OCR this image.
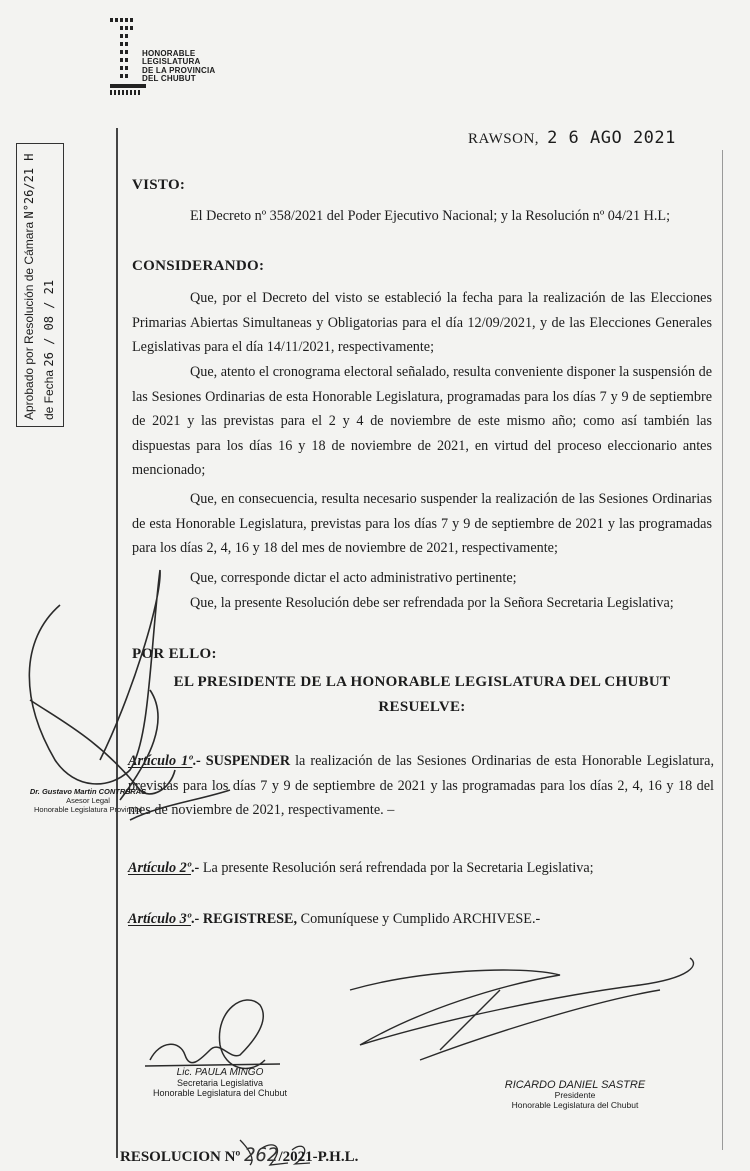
HONORABLE
LEGISLATURA
DE LA PROVINCIA
DEL CHUBUT
RAWSON, 2 6 AGO 2021
Aprobado por Resolución de Cámara N°26/21 H
de Fecha 26 / 08 / 21
VISTO:
El Decreto nº 358/2021 del Poder Ejecutivo Nacional; y la Resolución nº 04/21 H.L;
CONSIDERANDO:
Que, por el Decreto del visto se estableció la fecha para la realización de las Elecciones Primarias Abiertas Simultaneas y Obligatorias para el día 12/09/2021, y de las Elecciones Generales Legislativas para el día 14/11/2021, respectivamente;
Que, atento el cronograma electoral señalado, resulta conveniente disponer la suspensión de las Sesiones Ordinarias de esta Honorable Legislatura, programadas para los días 7 y 9 de septiembre de 2021 y las previstas para el 2 y 4 de noviembre de este mismo año; como así también las dispuestas para los días 16 y 18 de noviembre de 2021, en virtud del proceso eleccionario antes mencionado;
Que, en consecuencia, resulta necesario suspender la realización de las Sesiones Ordinarias de esta Honorable Legislatura, previstas para los días 7 y 9 de septiembre de 2021 y las programadas para los días 2, 4, 16 y 18 del mes de noviembre de 2021, respectivamente;
Que, corresponde dictar el acto administrativo pertinente;
Que, la presente Resolución debe ser refrendada por la Señora Secretaria Legislativa;
POR ELLO:
EL PRESIDENTE DE LA HONORABLE LEGISLATURA DEL CHUBUT
RESUELVE:
Artículo 1º.- SUSPENDER la realización de las Sesiones Ordinarias de esta Honorable Legislatura, previstas para los días 7 y 9 de septiembre de 2021 y las programadas para los días 2, 4, 16 y 18 del mes de noviembre de 2021, respectivamente. –
Artículo 2º.- La presente Resolución será refrendada por la Secretaria Legislativa;
Artículo 3º.- REGISTRESE, Comuníquese y Cumplido ARCHIVESE.-
Dr. Gustavo Martin CONTRERAS
Asesor Legal
Honorable Legislatura Provincial
Lic. PAULA MINGO
Secretaria Legislativa
Honorable Legislatura del Chubut
RICARDO DANIEL SASTRE
Presidente
Honorable Legislatura del Chubut
RESOLUCION Nº 262/2021-P.H.L.
